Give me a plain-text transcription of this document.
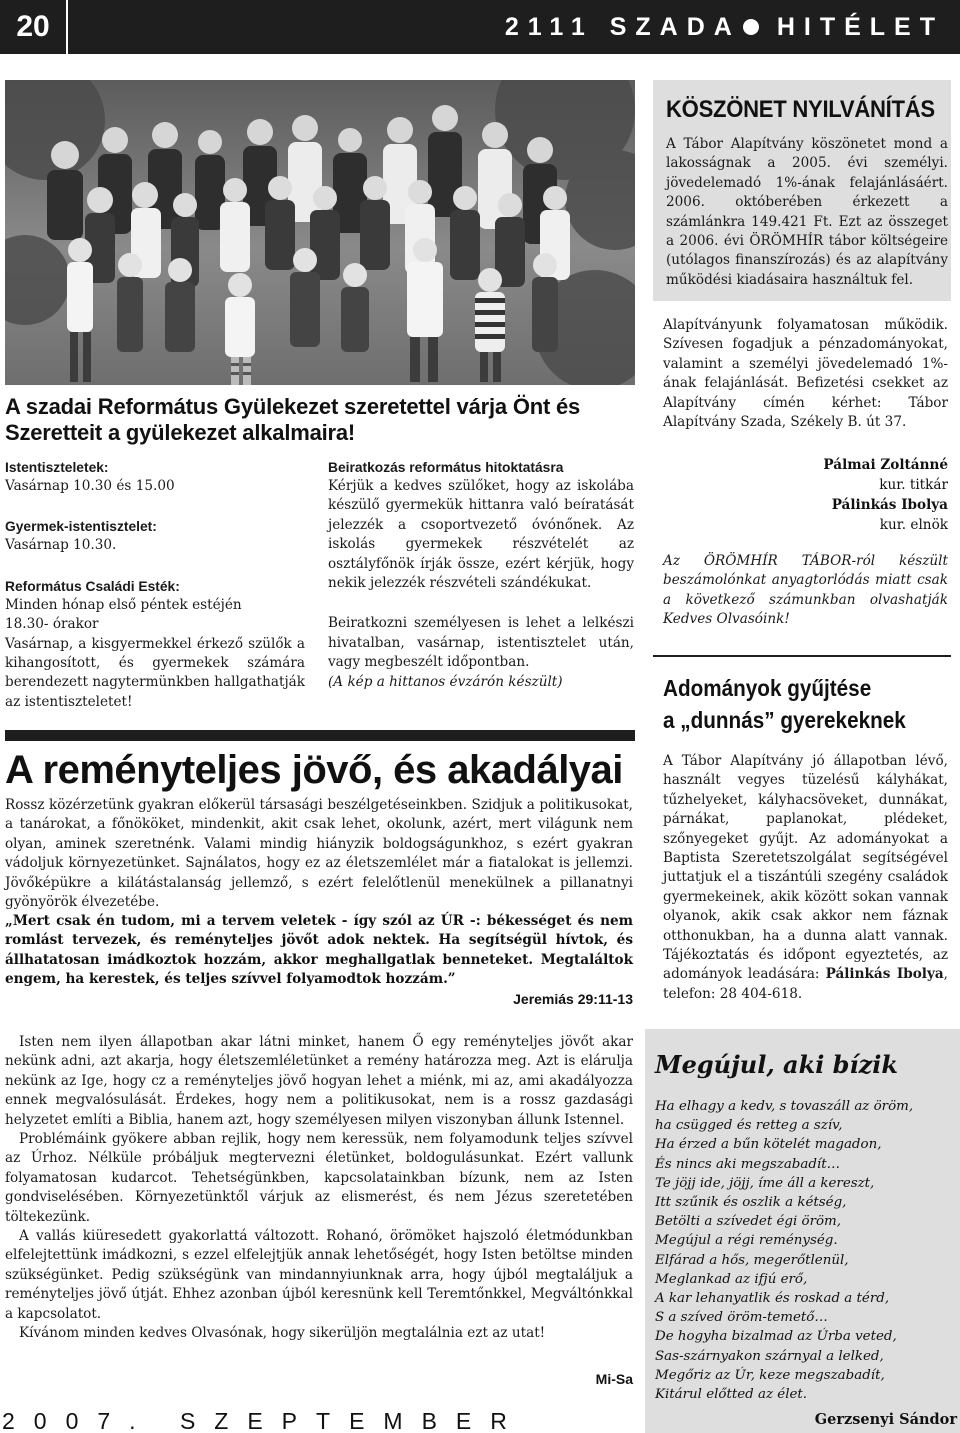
20	2111 SZADA HITÉLET
A szadai Református Gyülekezet szeretettel várja Önt és Szeretteit a gyülekezet alkalmaira!
Istentiszteletek:
Vasárnap 10.30 és 15.00
Gyermek-istentisztelet:
Vasárnap 10.30.
Református Családi Esték:
Minden hónap első péntek estéjén
18.30- órakor
Vasárnap, a kisgyermekkel érkező szülők a kihangosított, és gyermekek számára berendezett nagytermünkben hallgathatják az istentiszteletet!
Beiratkozás református hitoktatásra
Kérjük a kedves szülőket, hogy az iskolába készülő gyermekük hittanra való beíratását jelezzék a csoportvezető óvónőnek. Az iskolás gyermekek részvételét az osztályfőnök írják össze, ezért kérjük, hogy nekik jelezzék részvételi szándékukat.
Beiratkozni személyesen is lehet a lelkészi hivatalban, vasárnap, istentisztelet után, vagy megbeszélt időpontban.
(A kép a hittanos évzárón készült)
A reményteljes jövő, és akadályai
Rossz közérzetünk gyakran előkerül társasági beszélgetéseinkben. Szidjuk a politikusokat, a tanárokat, a főnököket, mindenkit, akit csak lehet, okolunk, azért, mert világunk nem olyan, aminek szeretnénk. Valami mindig hiányzik boldogságunkhoz, s ezért gyakran vádoljuk környezetünket. Sajnálatos, hogy ez az életszemlélet már a fiatalokat is jellemzi. Jövőképükre a kilátástalanság jellemző, s ezért felelőtlenül menekülnek a pillanatnyi gyönyörök élvezetébe.
„Mert csak én tudom, mi a tervem veletek - így szól az ÚR -: békességet és nem romlást tervezek, és reményteljes jövőt adok nektek. Ha segítségül hívtok, és állhatatosan imádkoztok hozzám, akkor meghallgatlak benneteket. Megtaláltok engem, ha kerestek, és teljes szívvel folyamodtok hozzám.”
Jeremiás 29:11-13

Isten nem ilyen állapotban akar látni minket, hanem Ő egy reményteljes jövőt akar nekünk adni, azt akarja, hogy életszemléletünket a remény határozza meg. Azt is elárulja nekünk az Ige, hogy cz a reményteljes jövő hogyan lehet a miénk, mi az, ami akadályozza ennek megvalósulását. Érdekes, hogy nem a politikusokat, nem is a rossz gazdasági helyzetet említi a Biblia, hanem azt, hogy személyesen milyen viszonyban állunk Istennel.

Problémáink gyökere abban rejlik, hogy nem keressük, nem folyamodunk teljes szívvel az Úrhoz. Nélküle próbáljuk megtervezni életünket, boldogulásunkat. Ezért vallunk folyamatosan kudarcot. Tehetségünkben, kapcsolatainkban bízunk, nem az Isten gondviselésében. Környezetünktől várjuk az elismerést, és nem Jézus szeretetében töltekezünk.

A vallás kiüresedett gyakorlattá változott. Rohanó, örömöket hajszoló életmódunkban elfelejtettünk imádkozni, s ezzel elfelejtjük annak lehetőségét, hogy Isten betöltse minden szükségünket. Pedig szükségünk van mindannyiunknak arra, hogy újból megtaláljuk a reményteljes jövő útját. Ehhez azonban újból keresnünk kell Teremtőnkkel, Megváltónkkal a kapcsolatot.

Kívánom minden kedves Olvasónak, hogy sikerüljön megtalálnia ezt az utat!

Mi-Sa
2007. SZEPTEMBER
KÖSZÖNET NYILVÁNÍTÁS
A Tábor Alapítvány köszönetet mond a lakosságnak a 2005. évi személyi. jövedelemadó 1%-ának felajánlásáért. 2006. októberében érkezett a számlánkra 149.421 Ft. Ezt az összeget a 2006. évi ÖRÖMHÍR tábor költségeire (utólagos finanszírozás) és az alapítvány működési kiadásaira használtuk fel.
Alapítványunk folyamatosan működik. Szívesen fogadjuk a pénzadományokat, valamint a személyi jövedelemadó 1%-ának felajánlását. Befizetési csekket az Alapítvány címén kérhet: Tábor Alapítvány Szada, Székely B. út 37.
Pálmai Zoltánné
kur. titkár
Pálinkás Ibolya
kur. elnök
Az ÖRÖMHÍR TÁBOR-ról készült beszámolónkat anyagtorlódás miatt csak a következő számunkban olvashatják Kedves Olvasóink!
Adományok gyűjtése
a „dunnás” gyerekeknek
A Tábor Alapítvány jó állapotban lévő, használt vegyes tüzelésű kályhákat, tűzhelyeket, kályhacsöveket, dunnákat, párnákat, paplanokat, plédeket, szőnyegeket gyűjt. Az adományokat a Baptista Szeretetszolgálat segítségével juttatjuk el a tiszántúli szegény családok gyermekeinek, akik között sokan vannak olyanok, akik csak akkor nem fáznak otthonukban, ha a dunna alatt vannak. Tájékoztatás és időpont egyeztetés, az adományok leadására: Pálinkás Ibolya, telefon: 28 404-618.
Megújul, aki bízik
Ha elhagy a kedv, s tovaszáll az öröm,
ha csügged és retteg a szív,
Ha érzed a bűn kötelét magadon,
És nincs aki megszabadít…
Te jöjj ide, jöjj, íme áll a kereszt,
Itt szűnik és oszlik a kétség,
Betölti a szívedet égi öröm,
Megújul a régi reménység.
Elfárad a hős, megerőtlenül,
Meglankad az ifjú erő,
A kar lehanyatlik és roskad a térd,
S a szíved öröm-temető…
De hogyha bizalmad az Úrba veted,
Sas-szárnyakon szárnyal a lelked,
Megőriz az Úr, keze megszabadít,
Kitárul előtted az élet.
Gerzsenyi Sándor
